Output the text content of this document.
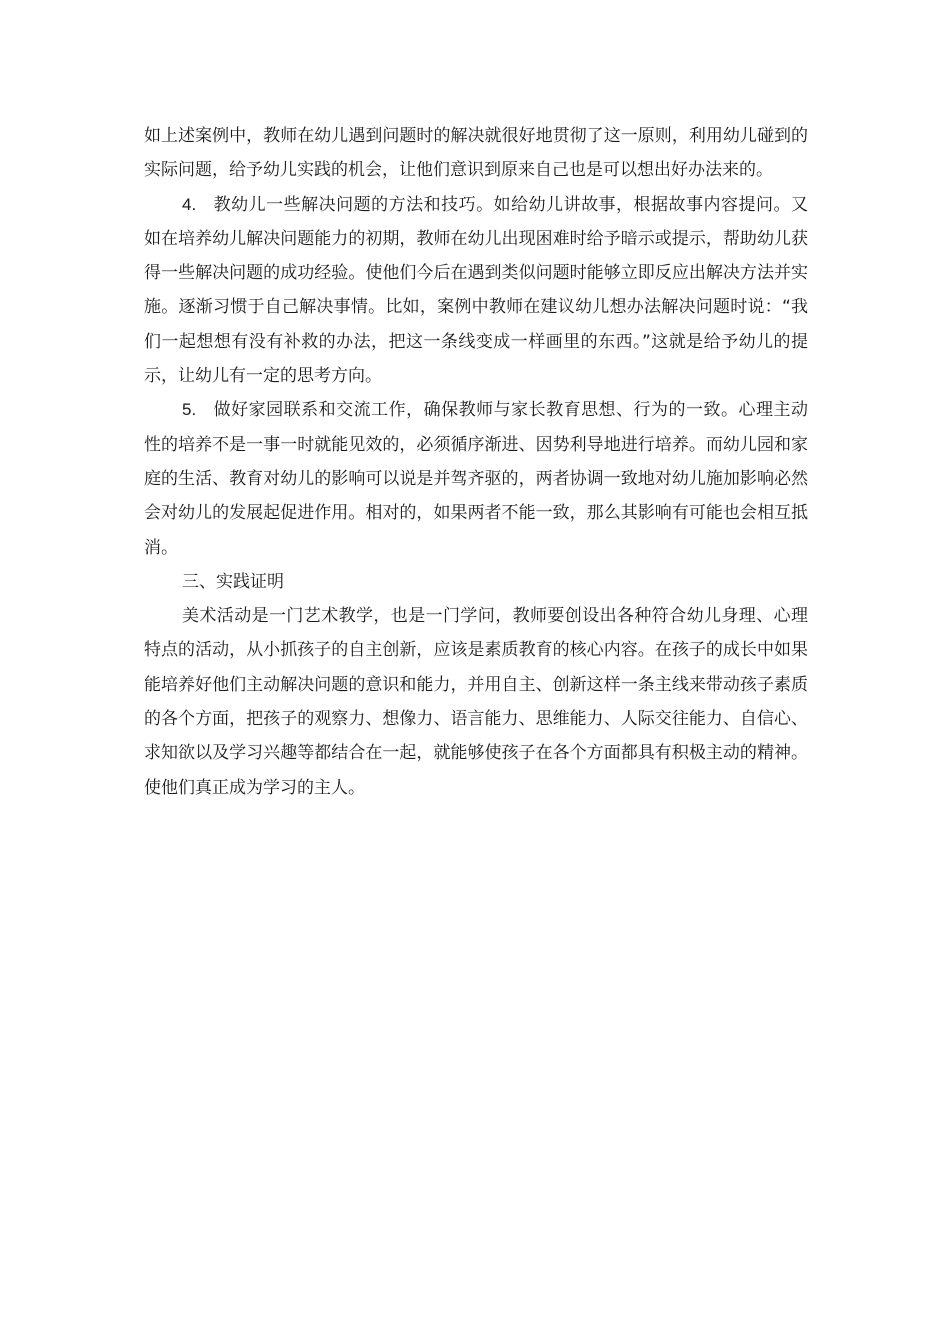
如上述案例中，教师在幼儿遇到问题时的解决就很好地贯彻了这一原则，利用幼儿碰到的实际问题，给予幼儿实践的机会，让他们意识到原来自己也是可以想出好办法来的。

4.  教幼儿一些解决问题的方法和技巧。如给幼儿讲故事，根据故事内容提问。又如在培养幼儿解决问题能力的初期，教师在幼儿出现困难时给予暗示或提示，帮助幼儿获得一些解决问题的成功经验。使他们今后在遇到类似问题时能够立即反应出解决方法并实施。逐渐习惯于自己解决事情。比如，案例中教师在建议幼儿想办法解决问题时说：“我们一起想想有没有补救的办法，把这一条线变成一样画里的东西。”这就是给予幼儿的提示，让幼儿有一定的思考方向。

5.  做好家园联系和交流工作，确保教师与家长教育思想、行为的一致。心理主动性的培养不是一事一时就能见效的，必须循序渐进、因势利导地进行培养。而幼儿园和家庭的生活、教育对幼儿的影响可以说是并驾齐驱的，两者协调一致地对幼儿施加影响必然会对幼儿的发展起促进作用。相对的，如果两者不能一致，那么其影响有可能也会相互抵消。

三、实践证明

美术活动是一门艺术教学，也是一门学问，教师要创设出各种符合幼儿身理、心理特点的活动，从小抓孩子的自主创新，应该是素质教育的核心内容。在孩子的成长中如果能培养好他们主动解决问题的意识和能力，并用自主、创新这样一条主线来带动孩子素质的各个方面，把孩子的观察力、想像力、语言能力、思维能力、人际交往能力、自信心、求知欲以及学习兴趣等都结合在一起，就能够使孩子在各个方面都具有积极主动的精神。使他们真正成为学习的主人。
